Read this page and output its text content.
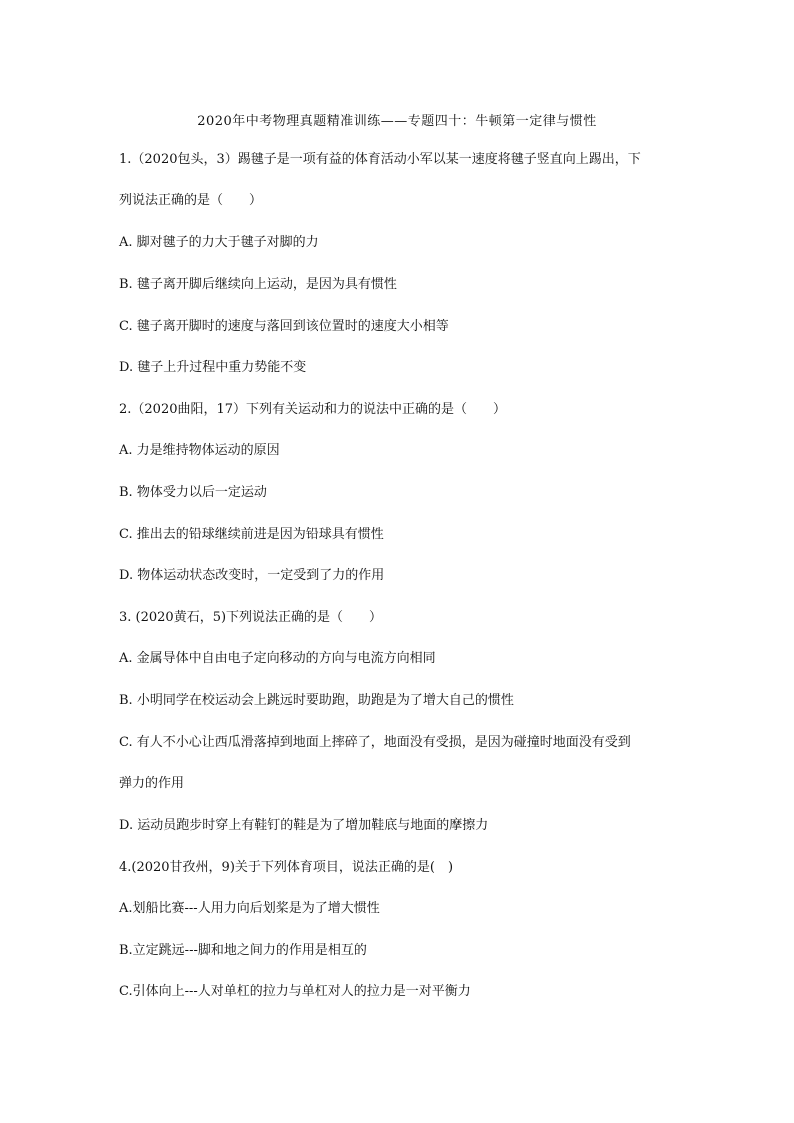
2020年中考物理真题精准训练——专题四十：牛顿第一定律与惯性
1.（2020包头，3）踢毽子是一项有益的体育活动小军以某一速度将毽子竖直向上踢出，下
列说法正确的是（　　）
A. 脚对毽子的力大于毽子对脚的力
B. 毽子离开脚后继续向上运动，是因为具有惯性
C. 毽子离开脚时的速度与落回到该位置时的速度大小相等
D. 毽子上升过程中重力势能不变
2.（2020曲阳，17）下列有关运动和力的说法中正确的是（　　）
A. 力是维持物体运动的原因
B. 物体受力以后一定运动
C. 推出去的铅球继续前进是因为铅球具有惯性
D. 物体运动状态改变时，一定受到了力的作用
3. (2020黄石，5)下列说法正确的是（　　）
A. 金属导体中自由电子定向移动的方向与电流方向相同
B. 小明同学在校运动会上跳远时要助跑，助跑是为了增大自己的惯性
C. 有人不小心让西瓜滑落掉到地面上摔碎了，地面没有受损，是因为碰撞时地面没有受到
弹力的作用
D. 运动员跑步时穿上有鞋钉的鞋是为了增加鞋底与地面的摩擦力
4.(2020甘孜州，9)关于下列体育项目，说法正确的是(　)
A.划船比赛---人用力向后划桨是为了增大惯性
B.立定跳远---脚和地之间力的作用是相互的
C.引体向上---人对单杠的拉力与单杠对人的拉力是一对平衡力
